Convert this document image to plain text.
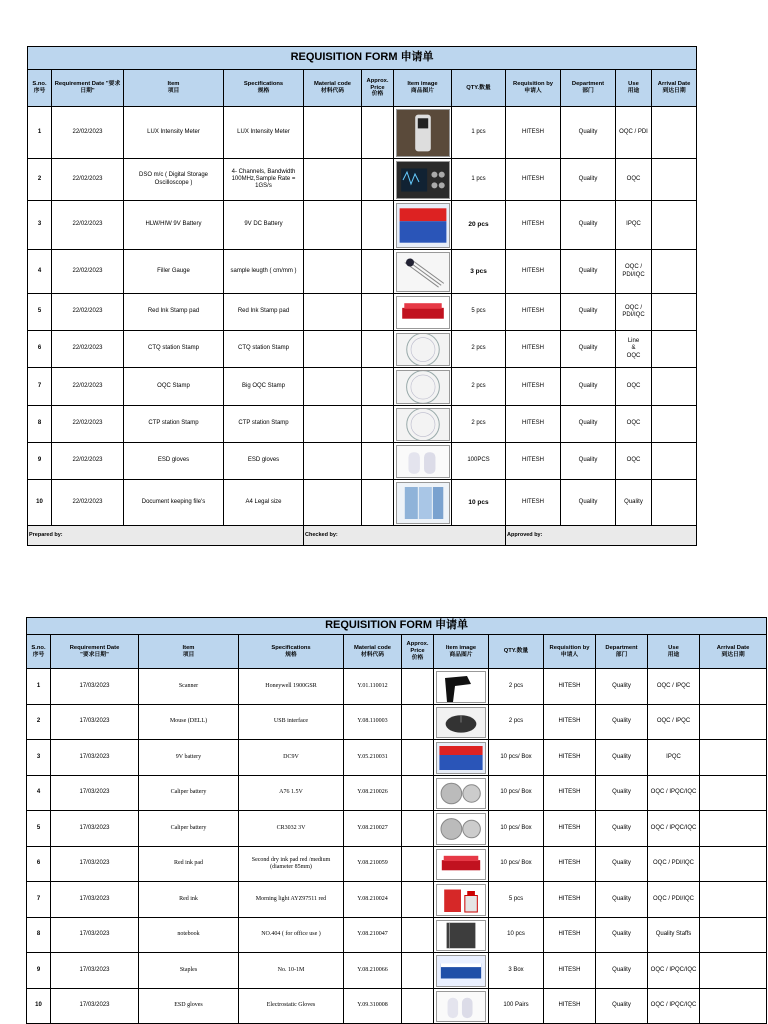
REQUISITION FORM 申请单											
S.no.
序号	Requirement Date "要求
日期"	Item
项目	Specifications
规格	Material code
材料代码	Approx. Price
价格	Item image
商品图片	QTY.数量	Requisition by
申请人	Department
部门	Use
用途	Arrival Date
到达日期
1	22/02/2023	LUX Intensity Meter	LUX Intensity Meter				1 pcs	HITESH	Quality	OQC / PDI	
2	22/02/2023	DSO m/c ( Digital Storage Oscilloscope )	4- Channels, Bandwidth 100MHz,Sample Rate = 1GS/s				1 pcs	HITESH	Quality	OQC	
3	22/02/2023	HLW/HIW 9V Battery	9V DC Battery				20 pcs	HITESH	Quality	IPQC	
4	22/02/2023	Filler Gauge	sample leugth ( cm/mm )				3 pcs	HITESH	Quality	OQC / PDI/IQC	
5	22/02/2023	Red Ink Stamp pad	Red Ink Stamp pad				5 pcs	HITESH	Quality	OQC / PDI/IQC	
6	22/02/2023	CTQ station Stamp	CTQ station Stamp				2 pcs	HITESH	Quality	Line
&
OQC	
7	22/02/2023	OQC Stamp	Big OQC Stamp				2 pcs	HITESH	Quality	OQC	
8	22/02/2023	CTP station Stamp	CTP station Stamp				2 pcs	HITESH	Quality	OQC	
9	22/02/2023	ESD gloves	ESD gloves				100PCS	HITESH	Quality	OQC	
10	22/02/2023	Document keeping file's	A4 Legal size				10 pcs	HITESH	Quality	Quality	
Prepared by:				Checked by:				Approved by:			
REQUISITION FORM 申请单											
S.no.
序号	Requirement Date
"要求日期"	Item
项目	Specifications
规格	Material code
材料代码	Approx. Price
价格	Item image
商品图片	QTY.数量	Requisition by
申请人	Department
部门	Use
用途	Arrival Date
到达日期
1	17/03/2023	Scanner	Honeywell 1900GSR	Y.01.110012			2 pcs	HITESH	Quality	OQC / IPQC	
2	17/03/2023	Mouse (DELL)	USB interface	Y.08.110003			2 pcs	HITESH	Quality	OQC / IPQC	
3	17/03/2023	9V battery	DC9V	Y.05.210031			10 pcs/ Box	HITESH	Quality	IPQC	
4	17/03/2023	Caliper battery	A76 1.5V	Y.08.210026			10 pcs/ Box	HITESH	Quality	OQC / IPQC/IQC	
5	17/03/2023	Caliper battery	CR3032 3V	Y.08.210027			10 pcs/ Box	HITESH	Quality	OQC / IPQC/IQC	
6	17/03/2023	Red ink pad	Second dry ink pad red /medium (diameter 85mm)	Y.08.210059			10 pcs/ Box	HITESH	Quality	OQC / PDI/IQC	
7	17/03/2023	Red ink	Morning light AYZ97511 red	Y.08.210024			5 pcs	HITESH	Quality	OQC / PDI/IQC	
8	17/03/2023	notebook	NO.404 ( for office use )	Y.08.210047			10 pcs	HITESH	Quality	Quality Staffs	
9	17/03/2023	Staples	No. 10-1M	Y.08.210066			3 Box	HITESH	Quality	OQC / IPQC/IQC	
10	17/03/2023	ESD gloves	Electrostatic Gloves	Y.09.310008			100 Pairs	HITESH	Quality	OQC / IPQC/IQC	
